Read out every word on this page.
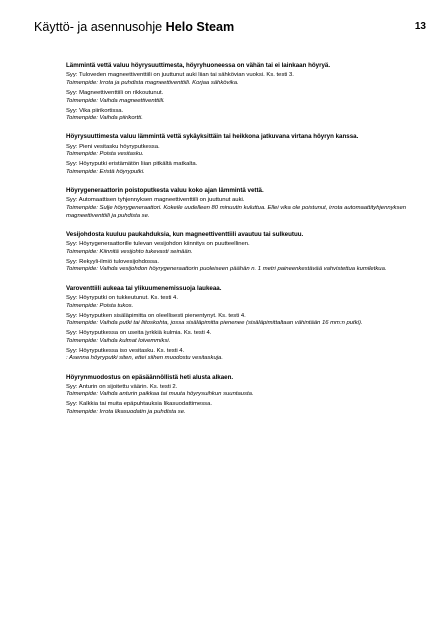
Käyttö- ja asennusohje Helo Steam	13
Lämmintä vettä valuu höyrysuuttimesta, höyryhuoneessa on vähän tai ei lainkaan höyryä.
Syy: Tuloveden magneettiventtiili on juuttunut auki liian tai sähkövian vuoksi. Ks. testi 3.
Toimenpide: Irrota ja puhdista magneettiventtiili. Korjaa sähkövika.
Syy: Magneettiventtiili on rikkoutunut.
Toimenpide: Vaihda magneettiventtiili.
Syy: Vika piirikortissa.
Toimenpide: Vaihda piirikortti.
Höyrysuuttimesta valuu lämmintä vettä sykäyksittäin tai heikkona jatkuvana virtana höyryn kanssa.
Syy: Pieni vesitasku höyryputkessa.
Toimenpide: Poista vesitasku.
Syy: Höyryputki eristämätön liian pitkältä matkalta.
Toimenpide: Eristä höyryputki.
Höyrygeneraattorin poistoputkesta valuu koko ajan lämmintä vettä.
Syy: Automaattisen tyhjennyksen magneettiventtiili on juuttunut auki.
Toimenpide: Sulje höyrygeneraattori. Kokeile uudelleen 80 minuutin kuluttua. Ellei vika ole poistunut, irrota automaattityhjennyksen magneettiventtiili ja puhdista se.
Vesijohdosta kuuluu paukahduksia, kun magneettiventtiili avautuu tai sulkeutuu.
Syy: Höyrygeneraattorille tulevan vesijohdon kiinnitys on puutteellinen.
Toimenpide: Kiinnitä vesijohto tukevasti seinään.
Syy: Rekyyli-ilmiö tulovesijohdossa.
Toimenpide: Vaihda vesijohdon höyrygeneraattorin puoleiseen päähän n. 1 metri paineenkestävää vahvistettua kumiletkua.
Varoventtiili aukeaa tai ylikuumenemissuoja laukeaa.
Syy: Höyryputki on tukkeutunut. Ks. testi 4.
Toimenpide: Poista tukos.
Syy: Höyryputken sisäläpimitta on oleellisesti pienentynyt. Ks. testi 4.
Toimenpide: Vaihda putki tai liitoskohta, jossa sisäläpimitta pienenee (sisäläpimittaltaan vähintään 16 mm:n putki).
Syy: Höyryputkessa on useita jyrkkiä kulmia. Ks. testi 4.
Toimenpide: Vaihda kulmat loivemmiksi.
Syy: Höyryputkessa iso vesitasku. Ks. testi 4.
: Asenna höyryputki siten, ettei siihen muodostu vesitaskuja.
Höyrynmuodostus on epäsäännöllistä heti alusta alkaen.
Syy: Anturin on sijoitettu väärin. Ks. testi 2.
Toimenpide: Vaihda anturin paikkaa tai muuta höyrysuihkun suuntausta.
Syy: Kalkkia tai muita epäpuhtauksia likasuodattimessa.
Toimenpide: Irrota likasuodatin ja puhdista se.
